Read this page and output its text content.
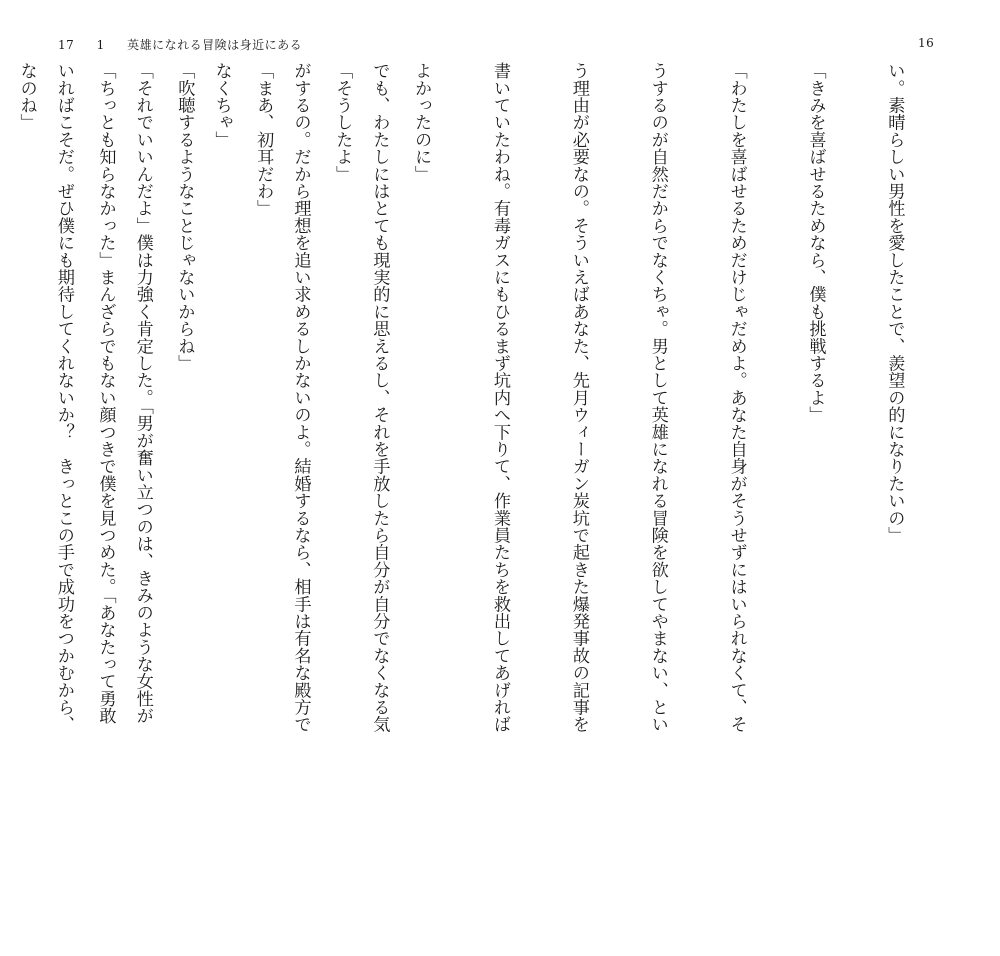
17 1 英雄になれる冒険は身近にある	16

でも、わたしにはとても現実的に思えるし、それを手放したら自分が自分でなくなる気

がするの。だから理想を追い求めるしかないのよ。結婚するなら、相手は有名な殿方で

なくちゃ」

「それでいいんだよ」僕は力強く肯定した。「男が奮い立つのは、きみのような女性が

いればこそだ。ぜひ僕にも期待してくれないか？　きっとこの手で成功をつかむから、

	い。素晴らしい男性を愛したことで、羨望の的になりたいの」

「きみを喜ばせるためなら、僕も挑戦するよ」

「わたしを喜ばせるためだけじゃだめよ。あなた自身がそうせずにはいられなくて、そ

うするのが自然だからでなくちゃ。男として英雄になれる冒険を欲してやまない、とい

う理由が必要なの。そういえばあなた、先月ウィーガン炭坑で起きた爆発事故の記事を

書いていたわね。有毒ガスにもひるまず坑内へ下りて、作業員たちを救出してあげれば

よかったのに」

「そうしたよ」

「まあ、初耳だわ」

「吹聴するようなことじゃないからね」

「ちっとも知らなかった」まんざらでもない顔つきで僕を見つめた。「あなたって勇敢

なのね」
